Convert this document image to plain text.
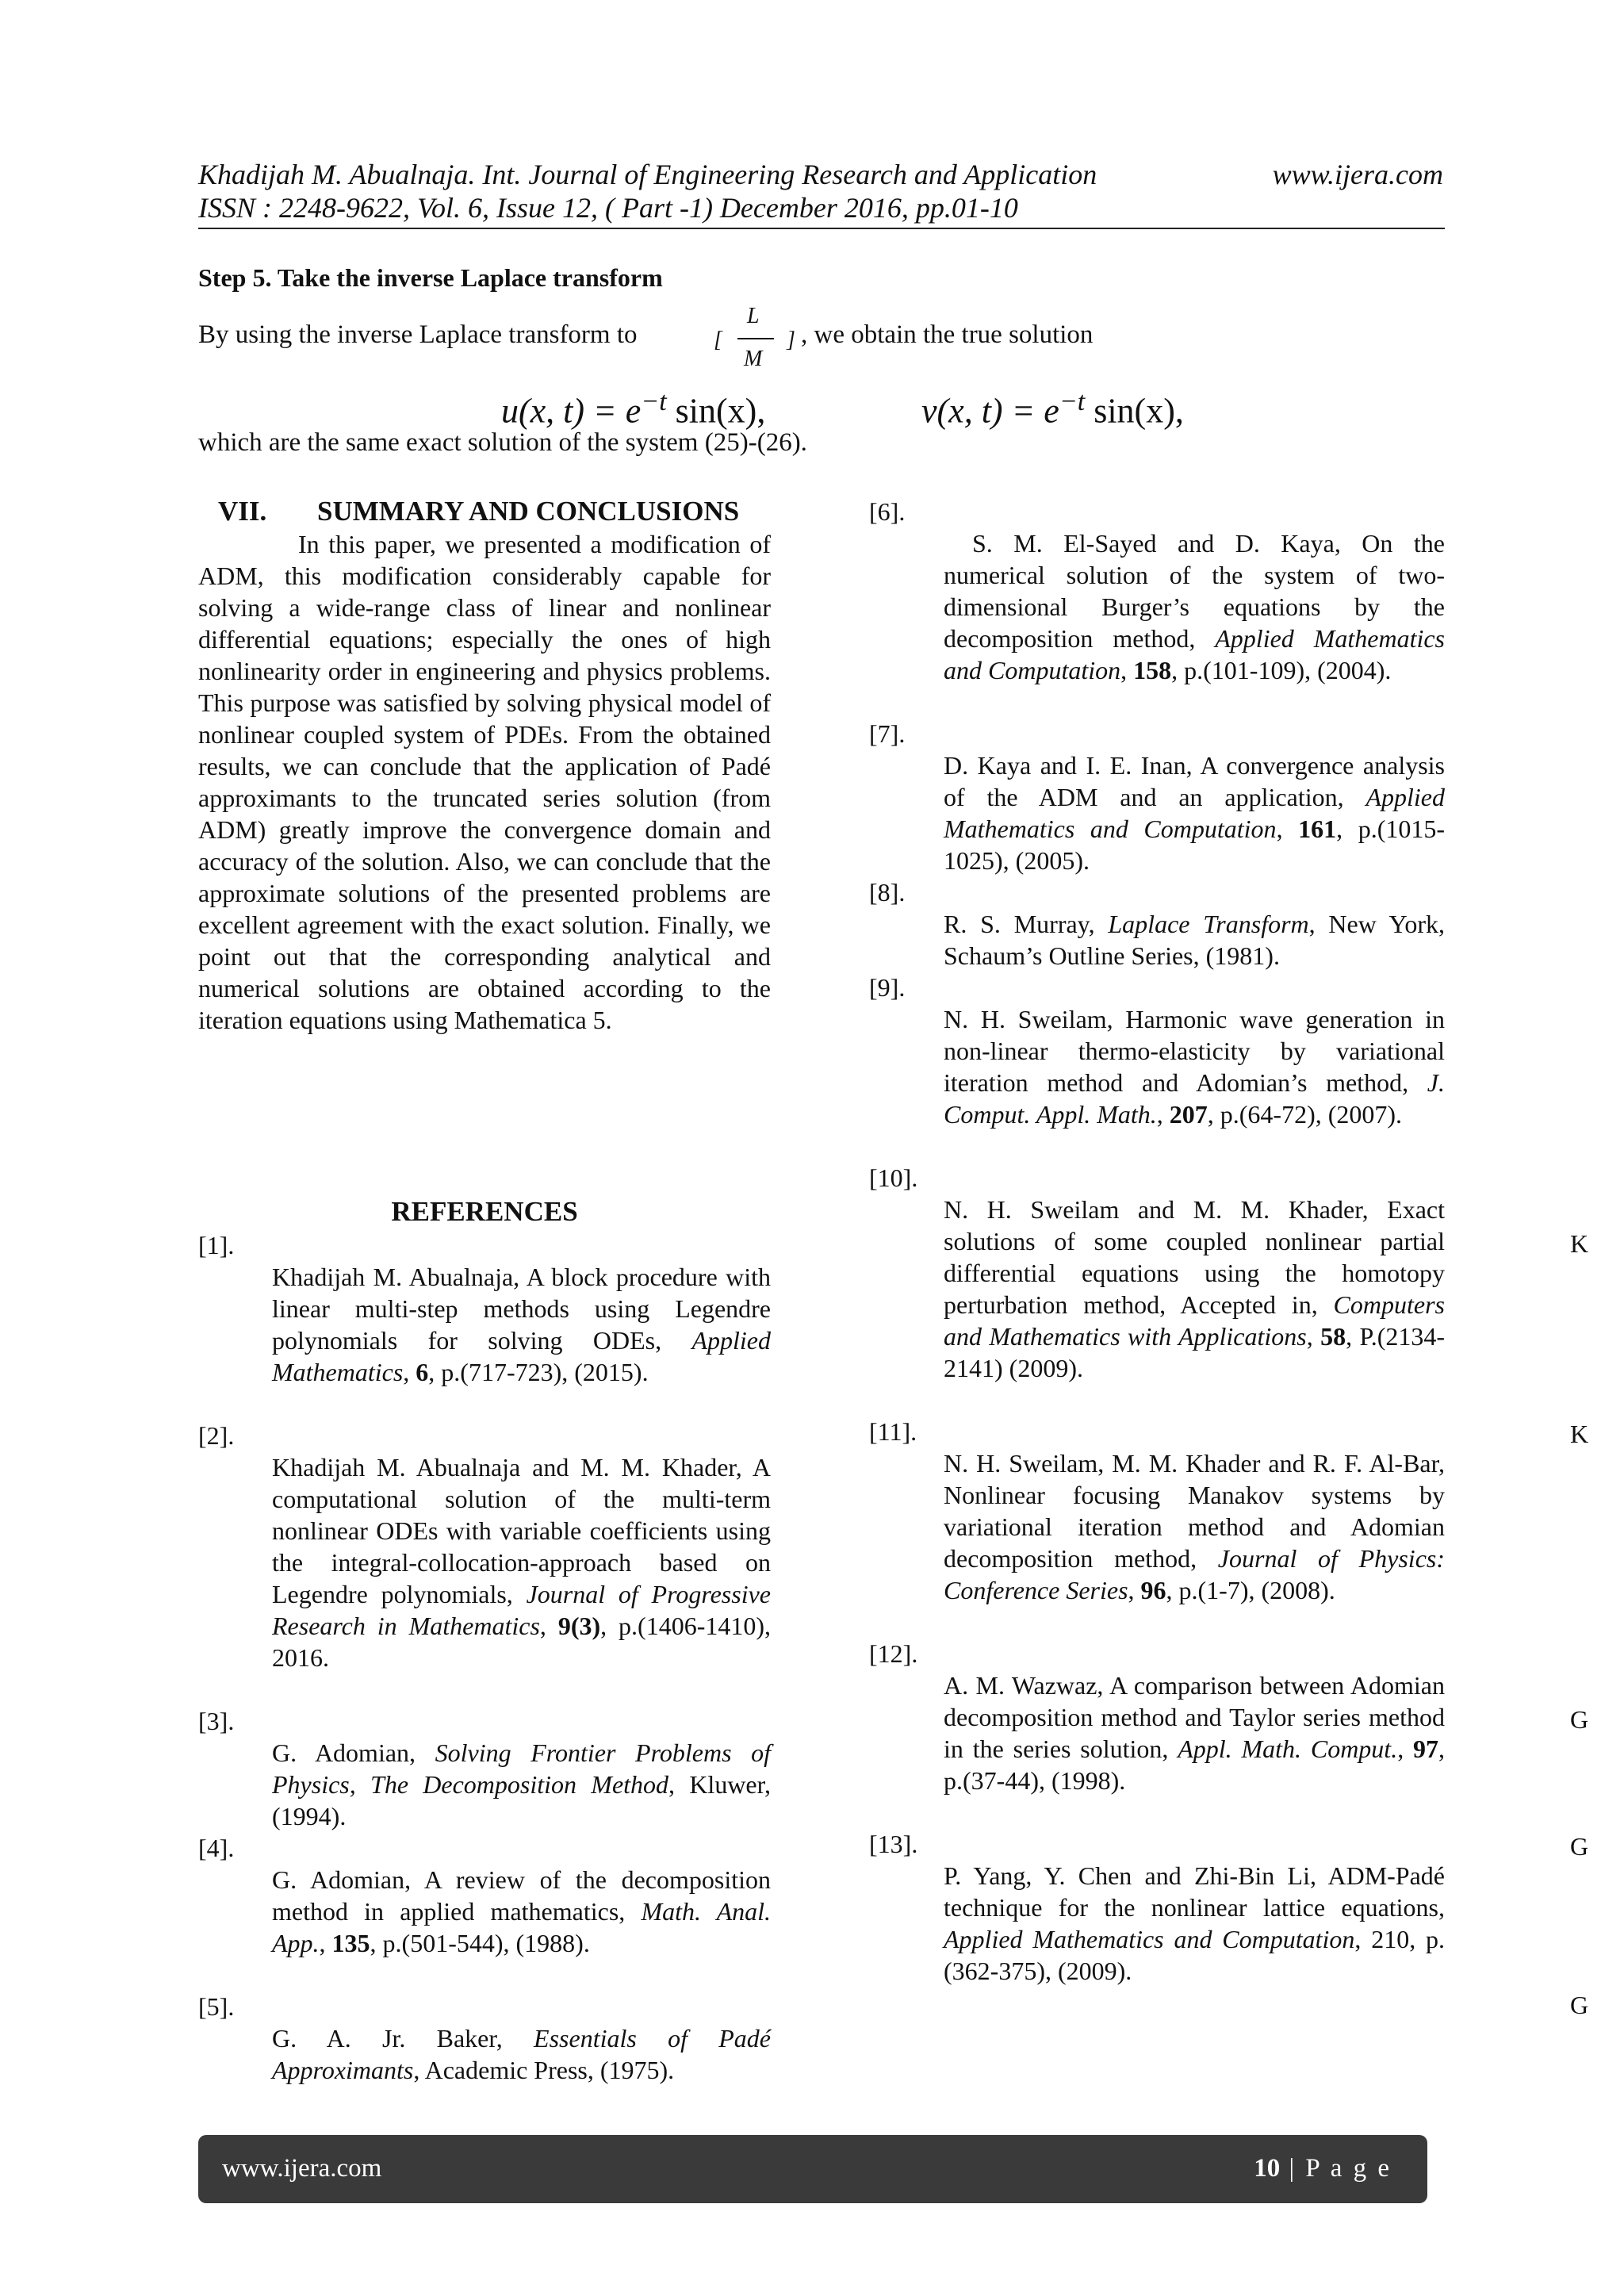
Khadijah M. Abualnaja. Int. Journal of Engineering Research and Application	www.ijera.com
ISSN : 2248-9622, Vol. 6, Issue 12, ( Part -1) December 2016, pp.01-10
Step 5. Take the inverse Laplace transform
By using the inverse Laplace transform to	[
L
M
] , we obtain the true solution
u(x, $t) = e^{-t}$ sin(x),	v(x, $t) = e^{-t}$ sin(x),
which are the same exact solution of the system (25)-(26).
VII. SUMMARY AND CONCLUSIONS
In this paper, we presented a modification of ADM, this modification considerably capable for solving a wide-range class of linear and nonlinear differential equations; especially the ones of high nonlinearity order in engineering and physics problems. This purpose was satisfied by solving physical model of nonlinear coupled system of PDEs. From the obtained results, we can conclude that the application of Padé approximants to the truncated series solution (from ADM) greatly improve the convergence domain and accuracy of the solution. Also, we can conclude that the approximate solutions of the presented problems are excellent agreement with the exact solution. Finally, we point out that the corresponding analytical and numerical solutions are obtained according to the iteration equations using Mathematica 5.
REFERENCES
[1].
Khadijah M. Abualnaja, A block procedure with linear multi-step methods using Legendre polynomials for solving ODEs, Applied Mathematics, 6, p.(717-723), (2015).
[2].
Khadijah M. Abualnaja and M. M. Khader, A computational solution of the multi-term nonlinear ODEs with variable coefficients using the integral-collocation-approach based on Legendre polynomials, Journal of Progressive Research in Mathematics, 9(3), p.(1406-1410), 2016.
[3].
G. Adomian, Solving Frontier Problems of Physics, The Decomposition Method, Kluwer, (1994).
[4].
G. Adomian, A review of the decomposition method in applied mathematics, Math. Anal. App., 135, p.(501-544), (1988).
[5].
G. A. Jr. Baker, Essentials of Padé Approximants, Academic Press, (1975).
[6].
S. M. El-Sayed and D. Kaya, On the numerical solution of the system of two-dimensional Burger’s equations by the decomposition method, Applied Mathematics and Computation, 158, p.(101-109), (2004).
[7].
D. Kaya and I. E. Inan, A convergence analysis of the ADM and an application, Applied Mathematics and Computation, 161, p.(1015-1025), (2005).
[8].
R. S. Murray, Laplace Transform, New York, Schaum’s Outline Series, (1981).
[9].
N. H. Sweilam, Harmonic wave generation in non-linear thermo-elasticity by variational iteration method and Adomian’s method, J. Comput. Appl. Math., 207, p.(64-72), (2007).
[10].
N. H. Sweilam and M. M. Khader, Exact solutions of some coupled nonlinear partial differential equations using the homotopy perturbation method, Accepted in, Computers and Mathematics with Applications, 58, P.(2134-2141) (2009).
[11].
N. H. Sweilam, M. M. Khader and R. F. Al-Bar, Nonlinear focusing Manakov systems by variational iteration method and Adomian decomposition method, Journal of Physics: Conference Series, 96, p.(1-7), (2008).
[12].
A. M. Wazwaz, A comparison between Adomian decomposition method and Taylor series method in the series solution, Appl. Math. Comput., 97, p.(37-44), (1998).
[13].
P. Yang, Y. Chen and Zhi-Bin Li, ADM-Padé technique for the nonlinear lattice equations, Applied Mathematics and Computation, 210, p.(362-375), (2009).
K
K
G
G
G
www.ijera.com	10 | P a g e
